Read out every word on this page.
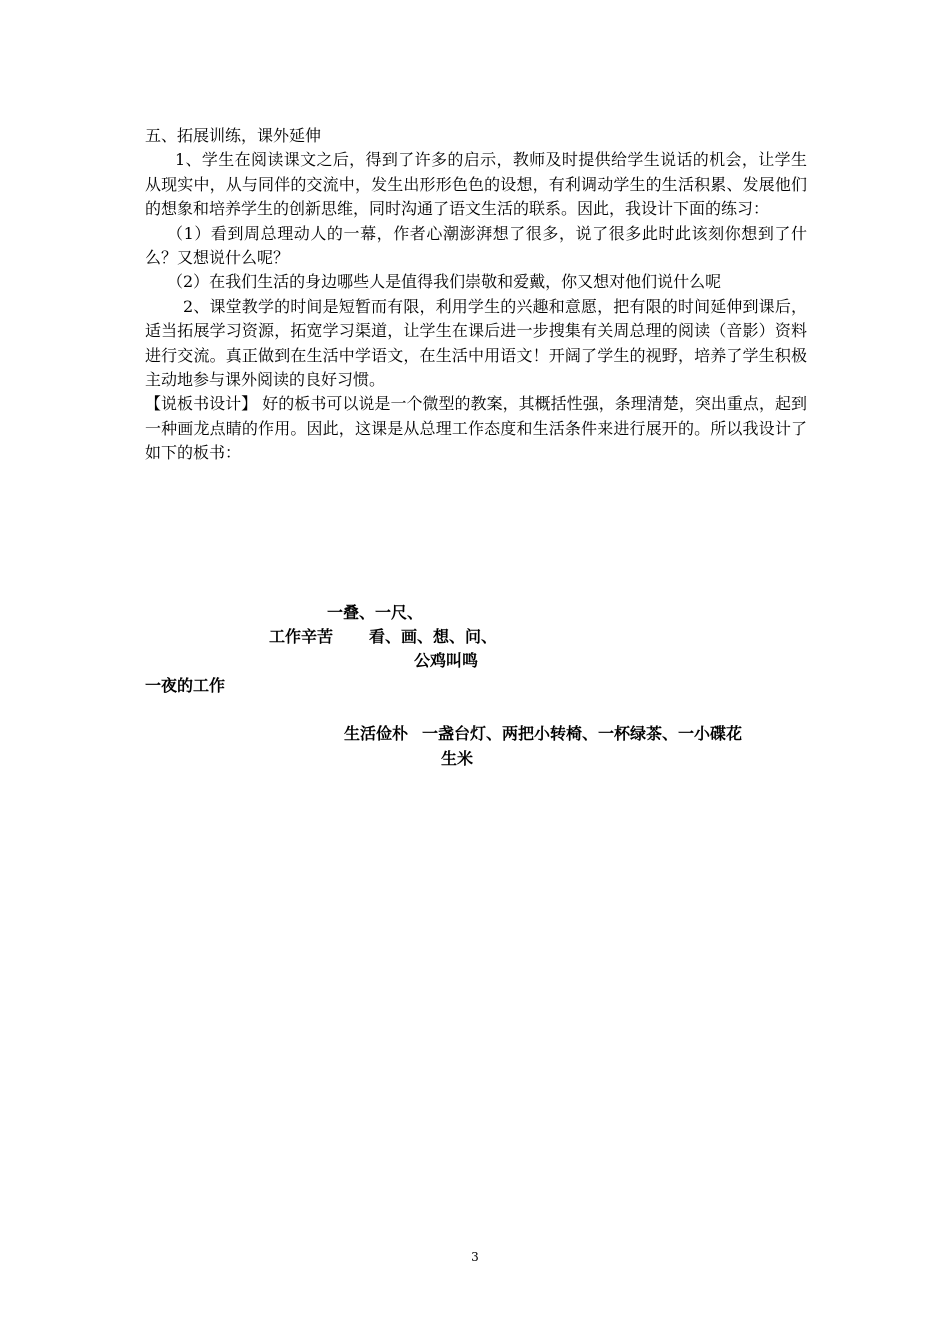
五、拓展训练，课外延伸

1、学生在阅读课文之后，得到了许多的启示，教师及时提供给学生说话的机会，让学生从现实中，从与同伴的交流中，发生出形形色色的设想，有利调动学生的生活积累、发展他们的想象和培养学生的创新思维，同时沟通了语文生活的联系。因此，我设计下面的练习：

（1）看到周总理动人的一幕，作者心潮澎湃想了很多，说了很多此时此该刻你想到了什么？又想说什么呢？

（2）在我们生活的身边哪些人是值得我们崇敬和爱戴，你又想对他们说什么呢

2、课堂教学的时间是短暂而有限，利用学生的兴趣和意愿，把有限的时间延伸到课后，适当拓展学习资源，拓宽学习渠道，让学生在课后进一步搜集有关周总理的阅读（音影）资料进行交流。真正做到在生活中学语文，在生活中用语文！开阔了学生的视野，培养了学生积极主动地参与课外阅读的良好习惯。

【说板书设计】 好的板书可以说是一个微型的教案，其概括性强，条理清楚，突出重点，起到一种画龙点睛的作用。因此，这课是从总理工作态度和生活条件来进行展开的。所以我设计了如下的板书：

一叠、一尺、
工作辛苦 看、画、想、问、
公鸡叫鸣
一夜的工作
生活俭朴 一盏台灯、两把小转椅、一杯绿茶、一小碟花
生米
3
